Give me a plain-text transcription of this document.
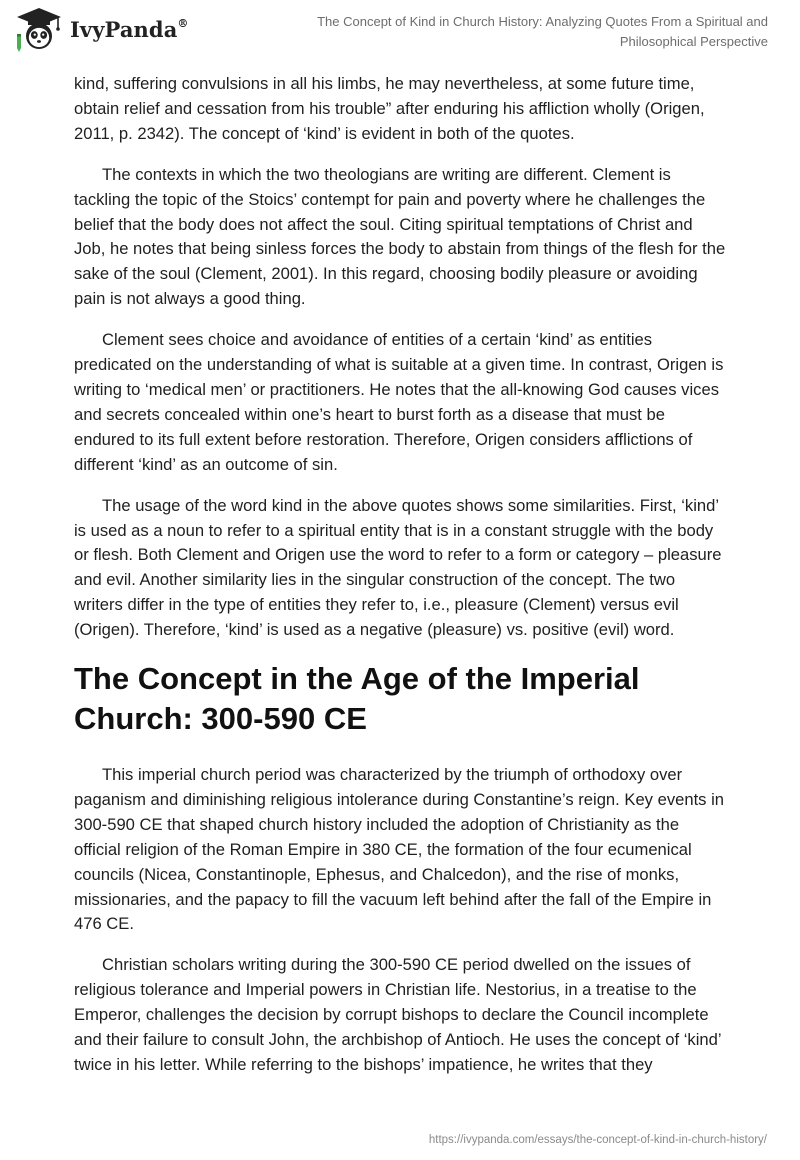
IvyPanda®	The Concept of Kind in Church History: Analyzing Quotes From a Spiritual and Philosophical Perspective

kind, suffering convulsions in all his limbs, he may nevertheless, at some future time, obtain relief and cessation from his trouble” after enduring his affliction wholly (Origen, 2011, p. 2342). The concept of ‘kind’ is evident in both of the quotes.

The contexts in which the two theologians are writing are different. Clement is tackling the topic of the Stoics’ contempt for pain and poverty where he challenges the belief that the body does not affect the soul. Citing spiritual temptations of Christ and Job, he notes that being sinless forces the body to abstain from things of the flesh for the sake of the soul (Clement, 2001). In this regard, choosing bodily pleasure or avoiding pain is not always a good thing.

Clement sees choice and avoidance of entities of a certain ‘kind’ as entities predicated on the understanding of what is suitable at a given time. In contrast, Origen is writing to ‘medical men’ or practitioners. He notes that the all-knowing God causes vices and secrets concealed within one’s heart to burst forth as a disease that must be endured to its full extent before restoration. Therefore, Origen considers afflictions of different ‘kind’ as an outcome of sin.

The usage of the word kind in the above quotes shows some similarities. First, ‘kind’ is used as a noun to refer to a spiritual entity that is in a constant struggle with the body or flesh. Both Clement and Origen use the word to refer to a form or category – pleasure and evil. Another similarity lies in the singular construction of the concept. The two writers differ in the type of entities they refer to, i.e., pleasure (Clement) versus evil (Origen). Therefore, ‘kind’ is used as a negative (pleasure) vs. positive (evil) word.

The Concept in the Age of the Imperial Church: 300-590 CE

This imperial church period was characterized by the triumph of orthodoxy over paganism and diminishing religious intolerance during Constantine’s reign. Key events in 300-590 CE that shaped church history included the adoption of Christianity as the official religion of the Roman Empire in 380 CE, the formation of the four ecumenical councils (Nicea, Constantinople, Ephesus, and Chalcedon), and the rise of monks, missionaries, and the papacy to fill the vacuum left behind after the fall of the Empire in 476 CE.

Christian scholars writing during the 300-590 CE period dwelled on the issues of religious tolerance and Imperial powers in Christian life. Nestorius, in a treatise to the Emperor, challenges the decision by corrupt bishops to declare the Council incomplete and their failure to consult John, the archbishop of Antioch. He uses the concept of ‘kind’ twice in his letter. While referring to the bishops’ impatience, he writes that they

https://ivypanda.com/essays/the-concept-of-kind-in-church-history/
